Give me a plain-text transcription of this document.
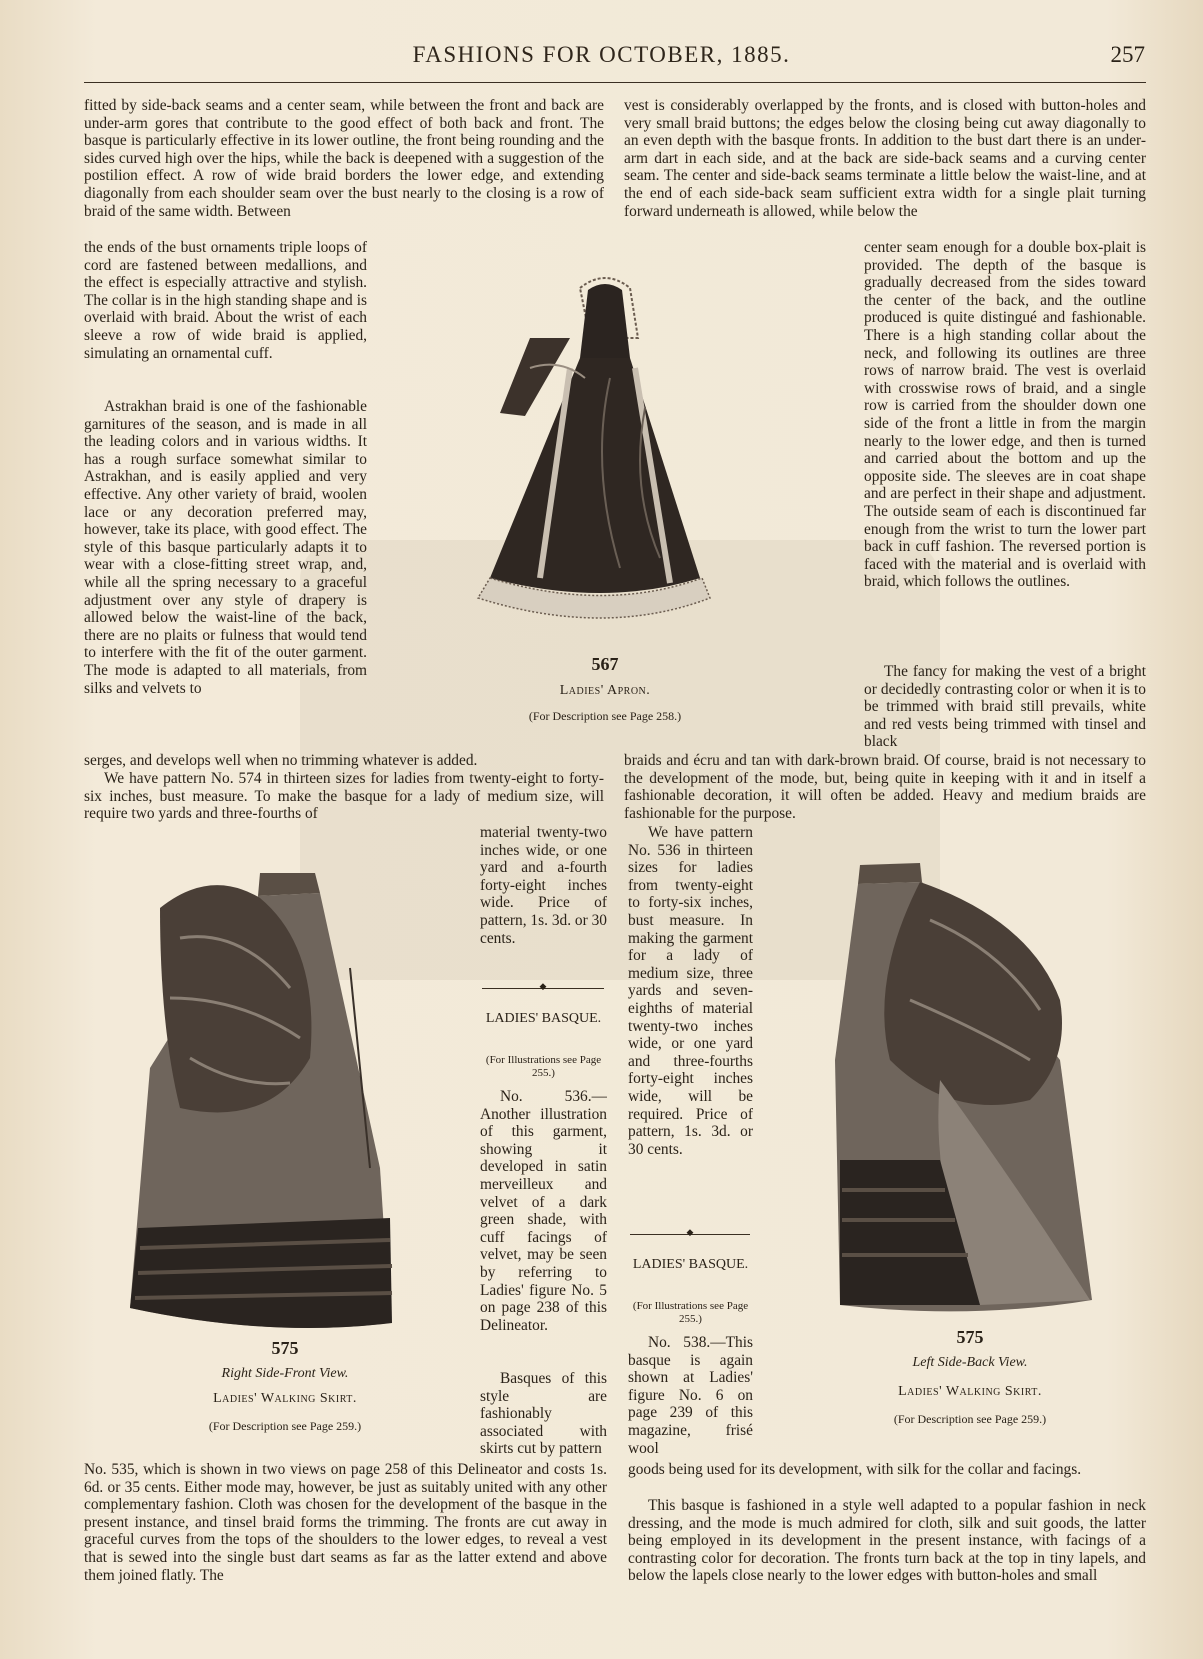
FASHIONS FOR OCTOBER, 1885.	257

fitted by side-back seams and a center seam, while between the front and back are under-arm gores that contribute to the good effect of both back and front. The basque is particularly effective in its lower outline, the front being rounding and the sides curved high over the hips, while the back is deepened with a suggestion of the postilion effect. A row of wide braid borders the lower edge, and extending diagonally from each shoulder seam over the bust nearly to the closing is a row of braid of the same width. Between

the ends of the bust ornaments triple loops of cord are fastened between medallions, and the effect is especially attractive and stylish. The collar is in the high standing shape and is overlaid with braid. About the wrist of each sleeve a row of wide braid is applied, simulating an ornamental cuff.

Astrakhan braid is one of the fashionable garnitures of the season, and is made in all the leading colors and in various widths. It has a rough surface somewhat similar to Astrakhan, and is easily applied and very effective. Any other variety of braid, woolen lace or any decoration preferred may, however, take its place, with good effect. The style of this basque particularly adapts it to wear with a close-fitting street wrap, and, while all the spring necessary to a graceful adjustment over any style of drapery is allowed below the waist-line of the back, there are no plaits or fulness that would tend to interfere with the fit of the outer garment. The mode is adapted to all materials, from silks and velvets to

serges, and develops well when no trimming whatever is added.

We have pattern No. 574 in thirteen sizes for ladies from twenty-eight to forty-six inches, bust measure. To make the basque for a lady of medium size, will require two yards and three-fourths of

vest is considerably overlapped by the fronts, and is closed with button-holes and very small braid buttons; the edges below the closing being cut away diagonally to an even depth with the basque fronts. In addition to the bust dart there is an under-arm dart in each side, and at the back are side-back seams and a curving center seam. The center and side-back seams terminate a little below the waist-line, and at the end of each side-back seam sufficient extra width for a single plait turning forward underneath is allowed, while below the

center seam enough for a double box-plait is provided. The depth of the basque is gradually decreased from the sides toward the center of the back, and the outline produced is quite distingué and fashionable. There is a high standing collar about the neck, and following its outlines are three rows of narrow braid. The vest is overlaid with crosswise rows of braid, and a single row is carried from the shoulder down one side of the front a little in from the margin nearly to the lower edge, and then is turned and carried about the bottom and up the opposite side. The sleeves are in coat shape and are perfect in their shape and adjustment. The outside seam of each is discontinued far enough from the wrist to turn the lower part back in cuff fashion. The reversed portion is faced with the material and is overlaid with braid, which follows the outlines.

The fancy for making the vest of a bright or decidedly contrasting color or when it is to be trimmed with braid still prevails, white and red vests being trimmed with tinsel and black

braids and écru and tan with dark-brown braid. Of course, braid is not necessary to the development of the mode, but, being quite in keeping with it and in itself a fashionable decoration, it will often be added. Heavy and medium braids are fashionable for the purpose.

567
Ladies' Apron.
(For Description see Page 258.)

material twenty-two inches wide, or one yard and a-fourth forty-eight inches wide. Price of pattern, 1s. 3d. or 30 cents.

◆
LADIES' BASQUE.
(For Illustrations see Page 255.)

No. 536.—Another illustration of this garment, showing it developed in satin merveilleux and velvet of a dark green shade, with cuff facings of velvet, may be seen by referring to Ladies' figure No. 5 on page 238 of this Delineator.

Basques of this style are fashionably associated with skirts cut by pattern

We have pattern No. 536 in thirteen sizes for ladies from twenty-eight to forty-six inches, bust measure. In making the garment for a lady of medium size, three yards and seven-eighths of material twenty-two inches wide, or one yard and three-fourths forty-eight inches wide, will be required. Price of pattern, 1s. 3d. or 30 cents.

◆
LADIES' BASQUE.
(For Illustrations see Page 255.)

No. 538.—This basque is again shown at Ladies' figure No. 6 on page 239 of this magazine, frisé wool

575
Right Side-Front View.
Ladies' Walking Skirt.
(For Description see Page 259.)
575
Left Side-Back View.
Ladies' Walking Skirt.
(For Description see Page 259.)

No. 535, which is shown in two views on page 258 of this Delineator and costs 1s. 6d. or 35 cents. Either mode may, however, be just as suitably united with any other complementary fashion. Cloth was chosen for the development of the basque in the present instance, and tinsel braid forms the trimming. The fronts are cut away in graceful curves from the tops of the shoulders to the lower edges, to reveal a vest that is sewed into the single bust dart seams as far as the latter extend and above them joined flatly. The

goods being used for its development, with silk for the collar and facings.

This basque is fashioned in a style well adapted to a popular fashion in neck dressing, and the mode is much admired for cloth, silk and suit goods, the latter being employed in its development in the present instance, with facings of a contrasting color for decoration. The fronts turn back at the top in tiny lapels, and below the lapels close nearly to the lower edges with button-holes and small
